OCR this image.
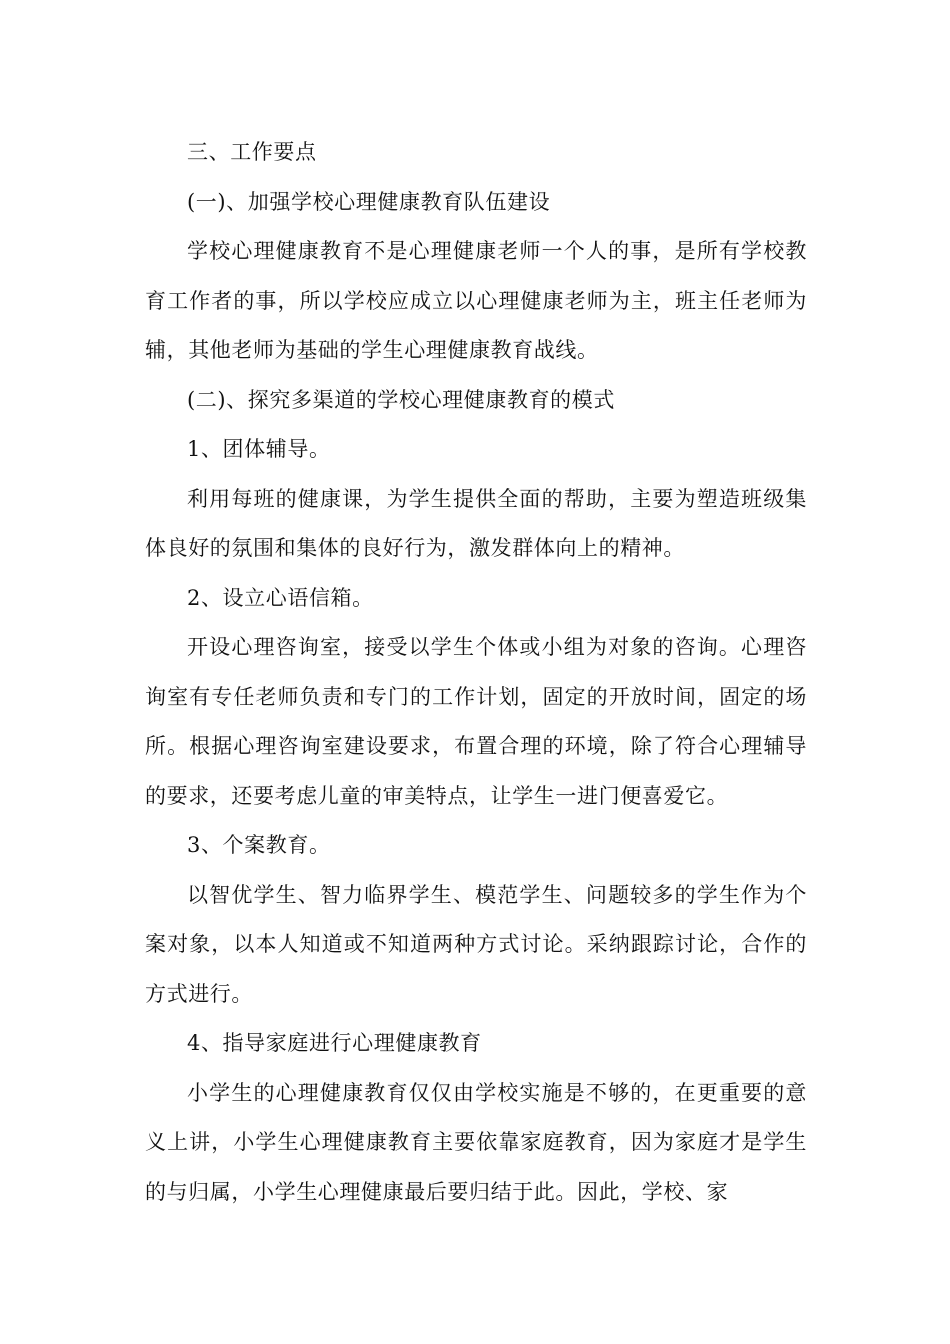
三、工作要点

(一)、加强学校心理健康教育队伍建设

学校心理健康教育不是心理健康老师一个人的事，是所有学校教育工作者的事，所以学校应成立以心理健康老师为主，班主任老师为辅，其他老师为基础的学生心理健康教育战线。

(二)、探究多渠道的学校心理健康教育的模式

1、团体辅导。

利用每班的健康课，为学生提供全面的帮助，主要为塑造班级集体良好的氛围和集体的良好行为，激发群体向上的精神。

2、设立心语信箱。

开设心理咨询室，接受以学生个体或小组为对象的咨询。心理咨询室有专任老师负责和专门的工作计划，固定的开放时间，固定的场所。根据心理咨询室建设要求，布置合理的环境，除了符合心理辅导的要求，还要考虑儿童的审美特点，让学生一进门便喜爱它。

3、个案教育。

以智优学生、智力临界学生、模范学生、问题较多的学生作为个案对象，以本人知道或不知道两种方式讨论。采纳跟踪讨论，合作的方式进行。

4、指导家庭进行心理健康教育

小学生的心理健康教育仅仅由学校实施是不够的，在更重要的意义上讲，小学生心理健康教育主要依靠家庭教育，因为家庭才是学生的与归属，小学生心理健康最后要归结于此。因此，学校、家
